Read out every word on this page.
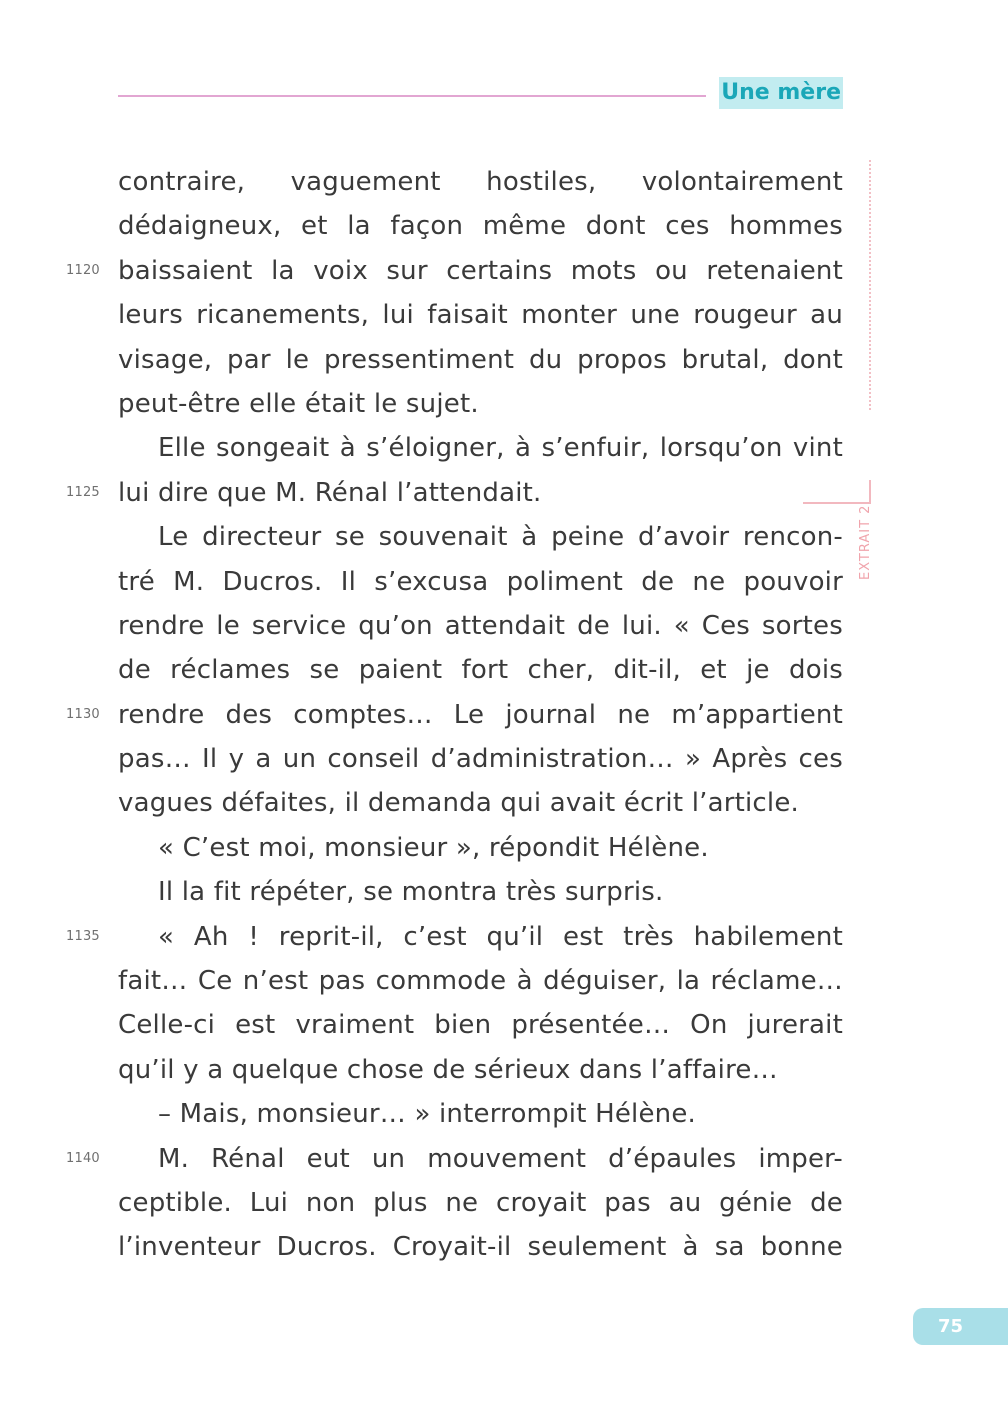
Une mère
EXTRAIT 2
contraire, vaguement hostiles, volontairement
dédaigneux, et la façon même dont ces hommes
1120 baissaient la voix sur certains mots ou retenaient
leurs ricanements, lui faisait monter une rougeur au
visage, par le pressentiment du propos brutal, dont
peut-être elle était le sujet.
Elle songeait à s’éloigner, à s’enfuir, lorsqu’on vint
1125 lui dire que M. Rénal l’attendait.
Le directeur se souvenait à peine d’avoir rencon-
tré M. Ducros. Il s’excusa poliment de ne pouvoir
rendre le service qu’on attendait de lui. « Ces sortes
de réclames se paient fort cher, dit-il, et je dois
1130 rendre des comptes… Le journal ne m’appartient
pas… Il y a un conseil d’administration… » Après ces
vagues défaites, il demanda qui avait écrit l’article.
« C’est moi, monsieur », répondit Hélène.
Il la fit répéter, se montra très surpris.
1135 « Ah ! reprit-il, c’est qu’il est très habilement
fait… Ce n’est pas commode à déguiser, la réclame…
Celle-ci est vraiment bien présentée… On jurerait
qu’il y a quelque chose de sérieux dans l’affaire…
– Mais, monsieur… » interrompit Hélène.
1140 M. Rénal eut un mouvement d’épaules imper-
ceptible. Lui non plus ne croyait pas au génie de
l’inventeur Ducros. Croyait-il seulement à sa bonne
75
